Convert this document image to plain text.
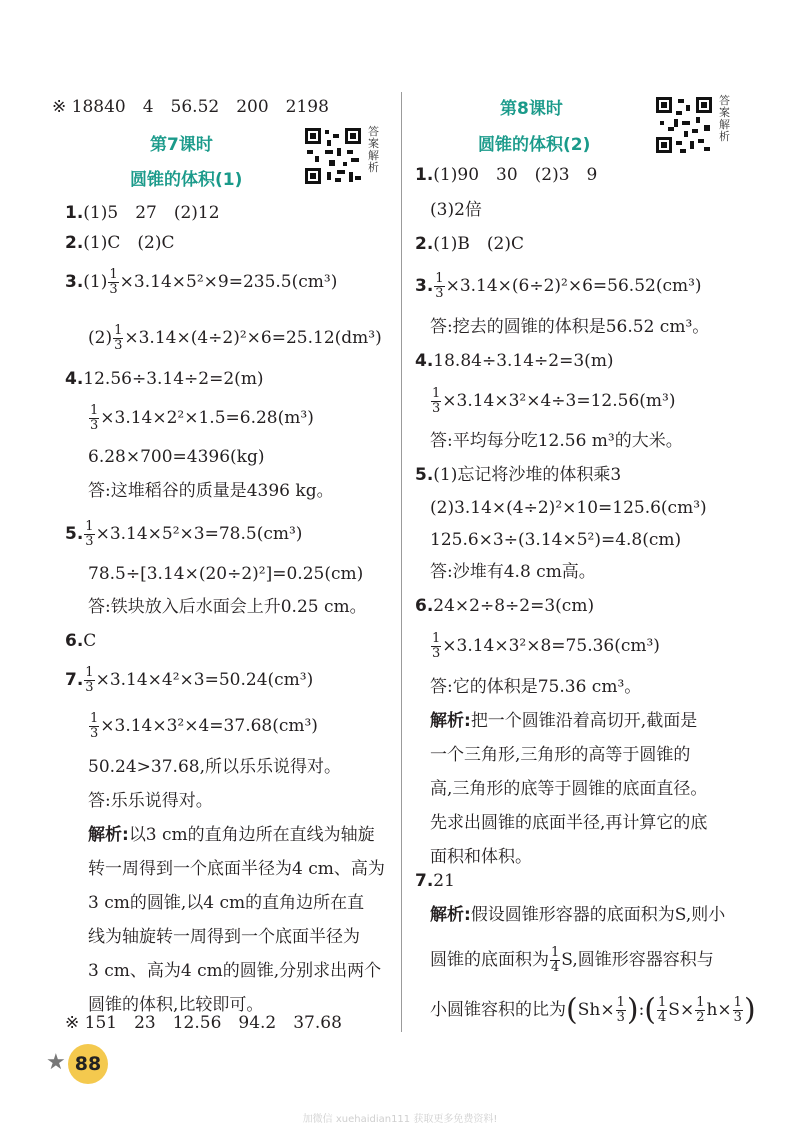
※ 18840　4　56.52　200　2198
第7课时
圆锥的体积(1)
答案解析
1.(1)5　27　(2)12
2.(1)C　(2)C
$3.(1) \frac{1}{3} \times 3.14\times 5^2\times 9=235.5(cm^3)$
$(2) \frac{1}{3} \times 3.14\times(4\div 2)^2\times 6=25.12(dm^3)$
4.12.56÷3.14÷2=2(m)
$\frac{1}{3} \times 3.14\times 2^2\times 1.5=6.28(m^3)$
6.28×700=4396(kg)
答:这堆稻谷的质量是4396 kg。
5. $\frac{1}{3} \times 3.14\times 5^2\times 3=78.5(cm^3)$
78.5÷[3.14×(20÷2)²]=0.25(cm)
答:铁块放入后水面会上升0.25 cm。
6.C
7. $\frac{1}{3} \times 3.14\times 4^2\times 3=50.24(cm^3)$
$\frac{1}{3} \times 3.14\times 3^2\times 4=37.68(cm^3)$
50.24>37.68,所以乐乐说得对。
答:乐乐说得对。
解析:以3 cm的直角边所在直线为轴旋
转一周得到一个底面半径为4 cm、高为
3 cm的圆锥,以4 cm的直角边所在直
线为轴旋转一周得到一个底面半径为
3 cm、高为4 cm的圆锥,分别求出两个
圆锥的体积,比较即可。
※ 151　23　12.56　94.2　37.68
第8课时
圆锥的体积(2)
答案解析
1.(1)90　30　(2)3　9
(3)2倍
2.(1)B　(2)C
3. $\frac{1}{3} \times 3.14\times(6\div 2)^2\times 6=56.52(cm^3)$
答:挖去的圆锥的体积是56.52 cm³。
4.18.84÷3.14÷2=3(m)
$\frac{1}{3} \times 3.14\times 3^2\times 4\div 3=12.56(m^3)$
答:平均每分吃12.56 m³的大米。
5.(1)忘记将沙堆的体积乘3
(2)3.14×(4÷2)²×10=125.6(cm³)
125.6×3÷(3.14×5²)=4.8(cm)
答:沙堆有4.8 cm高。
6.24×2÷8÷2=3(cm)
$\frac{1}{3} \times 3.14\times 3^2\times 8=75.36(cm^3)$
答:它的体积是75.36 cm³。
解析:把一个圆锥沿着高切开,截面是
一个三角形,三角形的高等于圆锥的
高,三角形的底等于圆锥的底面直径。
先求出圆锥的底面半径,再计算它的底
面积和体积。
7.21
解析:假设圆锥形容器的底面积为S,则小
圆锥的底面积为 $\frac{1}{4} S$,圆锥形容器容积与
小圆锥容积的比为($Sh\times \frac{1}{3}$ ):( $\frac{1}{4} S\times \frac{1}{2} h\times \frac{1}{3}$ )
★ 88
加微信 xuehaidian111 获取更多免费资料!
